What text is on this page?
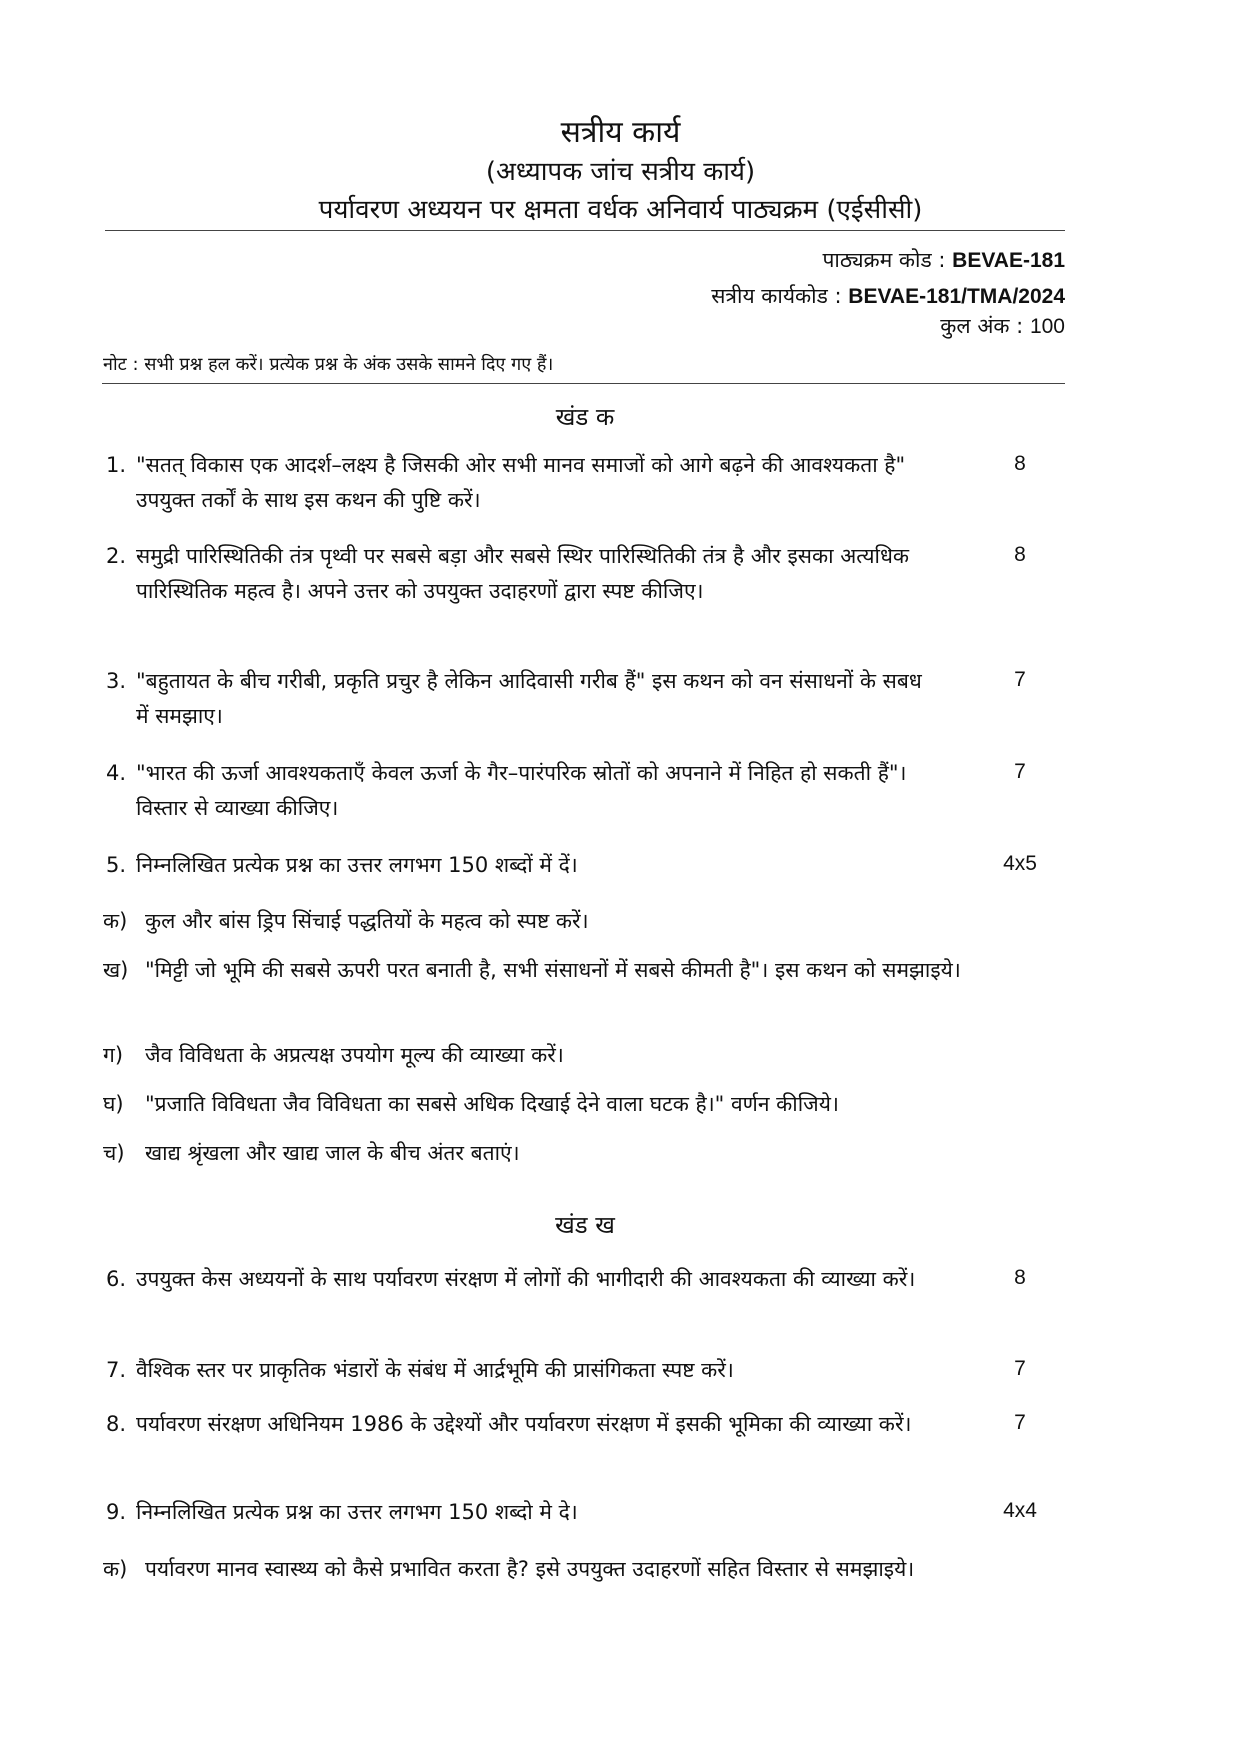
सत्रीय कार्य
(अध्यापक जांच सत्रीय कार्य)
पर्यावरण अध्ययन पर क्षमता वर्धक अनिवार्य पाठ्यक्रम (एईसीसी)
पाठ्यक्रम कोड : BEVAE-181
सत्रीय कार्यकोड : BEVAE-181/TMA/2024
कुल अंक : 100
नोट : सभी प्रश्न हल करें। प्रत्येक प्रश्न के अंक उसके सामने दिए गए हैं।
खंड क
1. "सतत् विकास एक आदर्श–लक्ष्य है जिसकी ओर सभी मानव समाजों को आगे बढ़ने की आवश्यकता है" उपयुक्त तर्कों के साथ इस कथन की पुष्टि करें।
8
2. समुद्री पारिस्थितिकी तंत्र पृथ्वी पर सबसे बड़ा और सबसे स्थिर पारिस्थितिकी तंत्र है और इसका अत्यधिक पारिस्थितिक महत्व है। अपने उत्तर को उपयुक्त उदाहरणों द्वारा स्पष्ट कीजिए।
8
3. "बहुतायत के बीच गरीबी, प्रकृति प्रचुर है लेकिन आदिवासी गरीब हैं" इस कथन को वन संसाधनों के सबध में समझाए।
7
4. "भारत की ऊर्जा आवश्यकताएँ केवल ऊर्जा के गैर–पारंपरिक स्रोतों को अपनाने में निहित हो सकती हैं"। विस्तार से व्याख्या कीजिए।
7
5. निम्नलिखित प्रत्येक प्रश्न का उत्तर लगभग 150 शब्दों में दें।	4x5
क) कुल और बांस ड्रिप सिंचाई पद्धतियों के महत्व को स्पष्ट करें।
ख) "मिट्टी जो भूमि की सबसे ऊपरी परत बनाती है, सभी संसाधनों में सबसे कीमती है"। इस कथन को समझाइये।
ग)	जैव विविधता के अप्रत्यक्ष उपयोग मूल्य की व्याख्या करें।
घ)	"प्रजाति विविधता जैव विविधता का सबसे अधिक दिखाई देने वाला घटक है।" वर्णन कीजिये।
च) खाद्य श्रृंखला और खाद्य जाल के बीच अंतर बताएं।
खंड ख
6. उपयुक्त केस अध्ययनों के साथ पर्यावरण संरक्षण में लोगों की भागीदारी की आवश्यकता की व्याख्या करें।	8
7. वैश्विक स्तर पर प्राकृतिक भंडारों के संबंध में आर्द्रभूमि की प्रासंगिकता स्पष्ट करें।	7
8. पर्यावरण संरक्षण अधिनियम 1986 के उद्देश्यों और पर्यावरण संरक्षण में इसकी भूमिका की व्याख्या करें।	7
9. निम्नलिखित प्रत्येक प्रश्न का उत्तर लगभग 150 शब्दो मे दे।	4x4
क) पर्यावरण मानव स्वास्थ्य को कैसे प्रभावित करता है? इसे उपयुक्त उदाहरणों सहित विस्तार से समझाइये।
